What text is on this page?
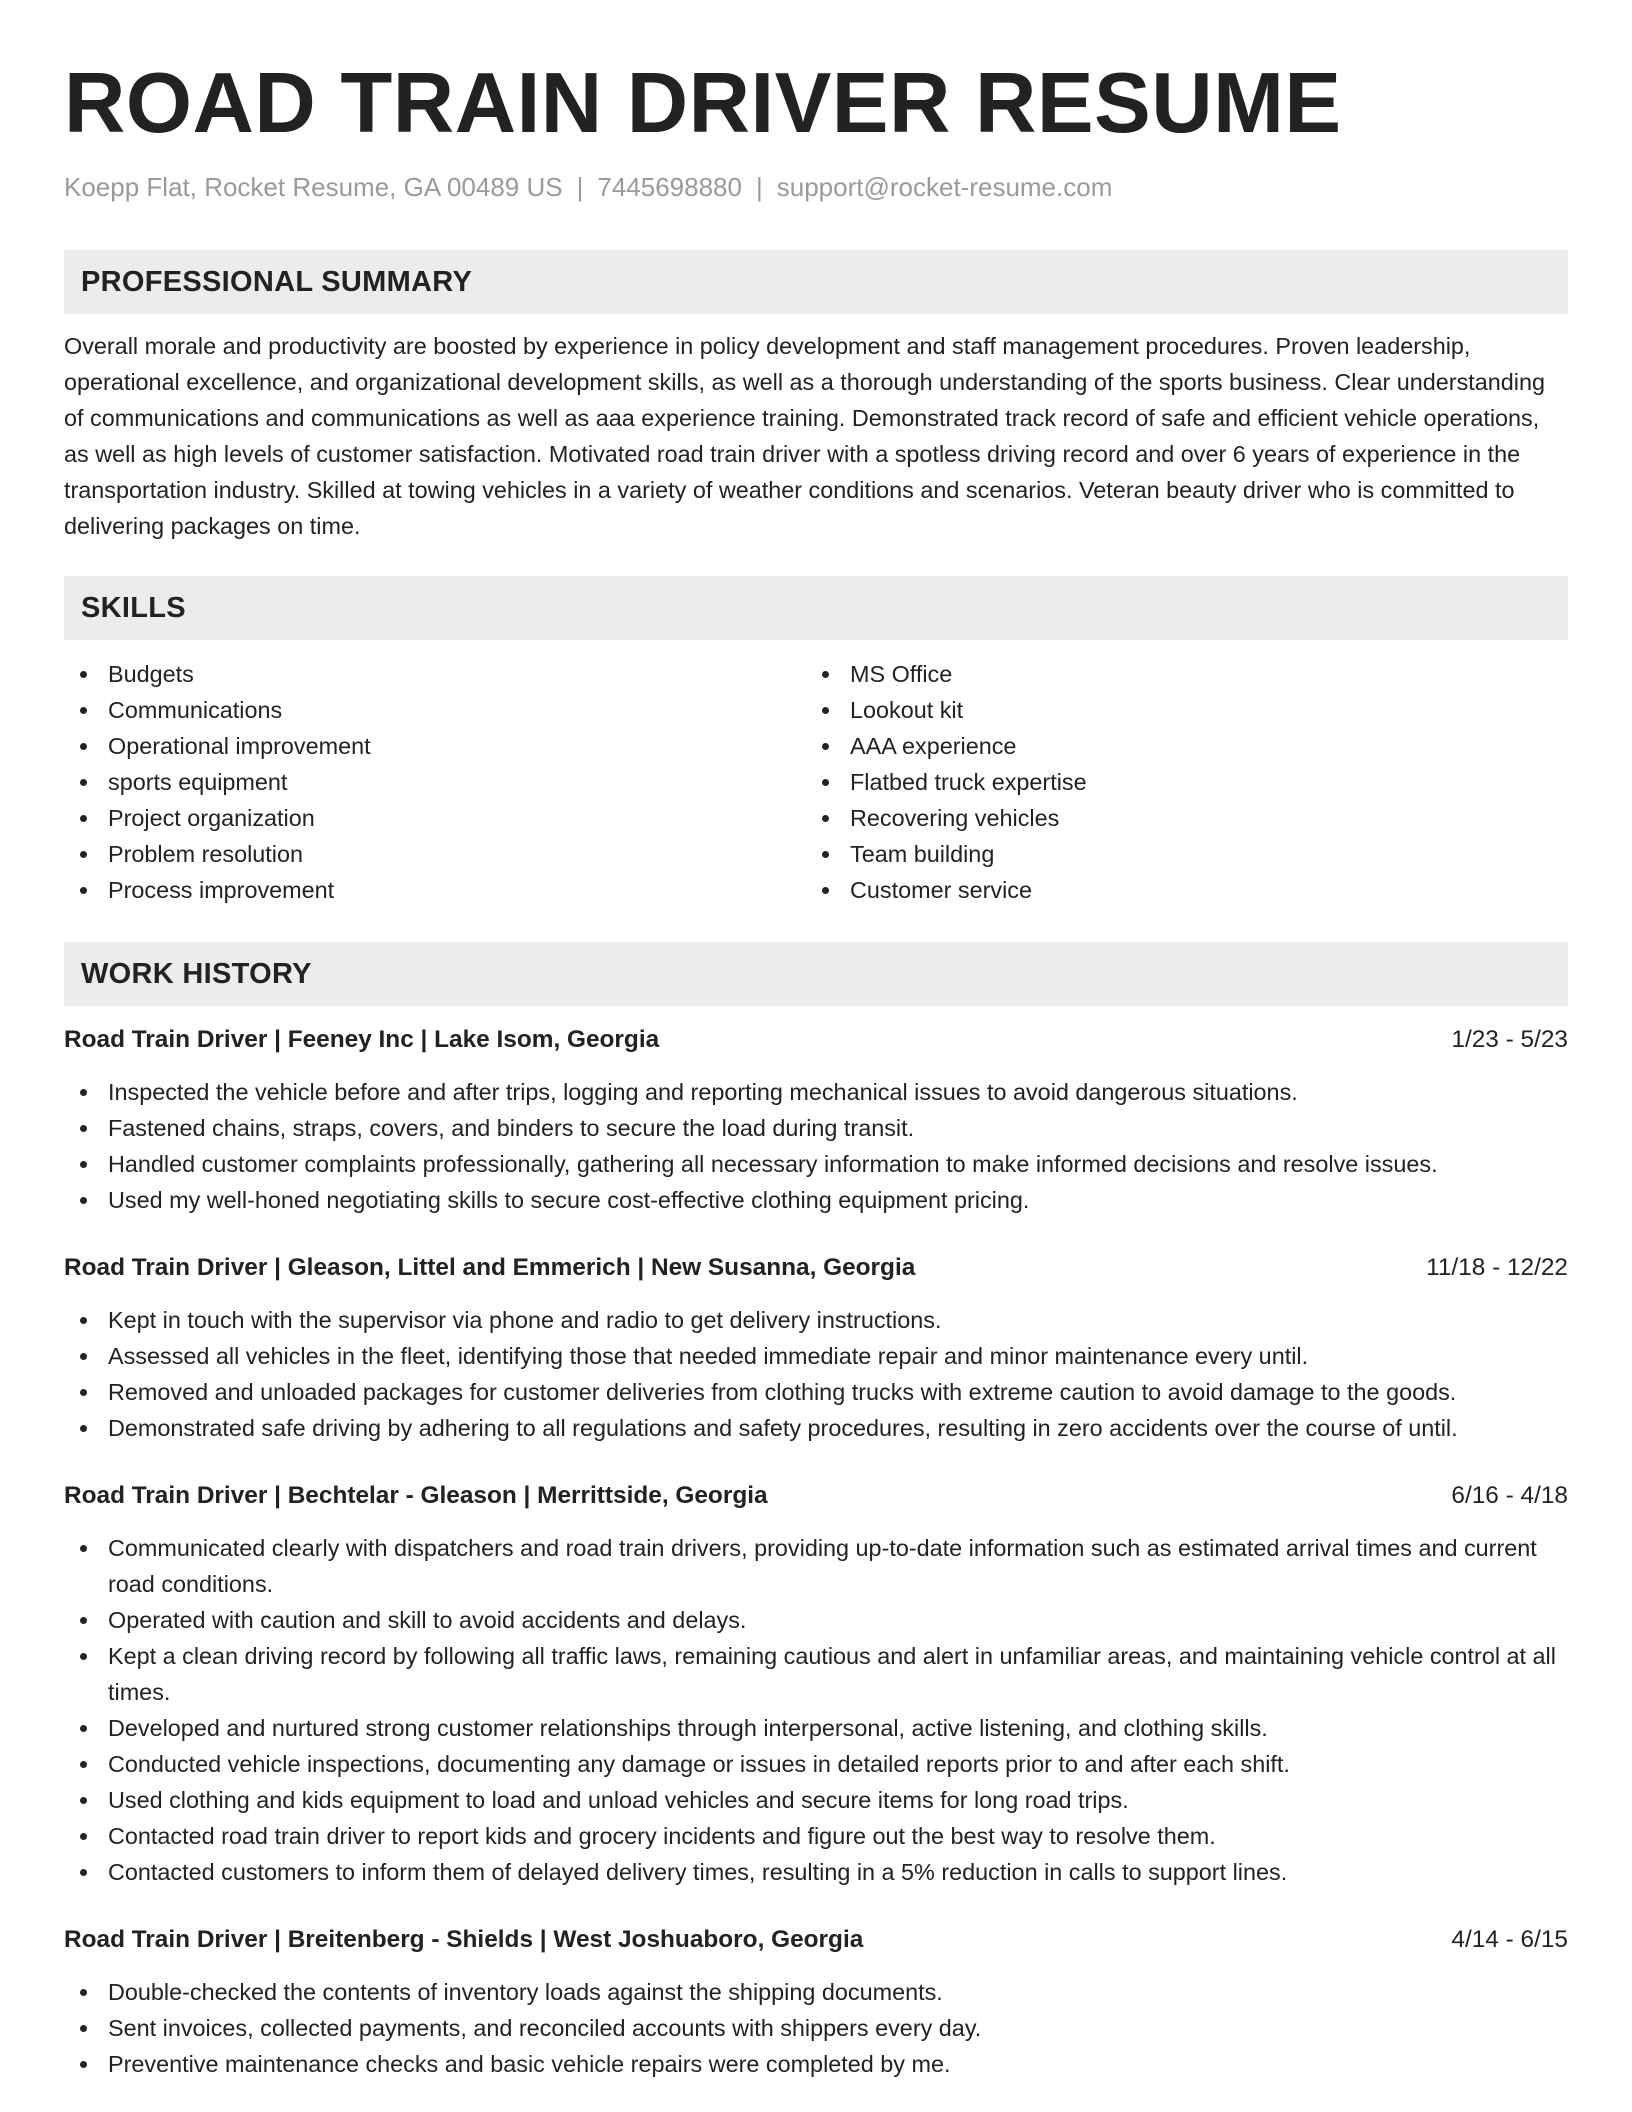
ROAD TRAIN DRIVER RESUME
Koepp Flat, Rocket Resume, GA 00489 US | 7445698880 | support@rocket-resume.com
PROFESSIONAL SUMMARY

Overall morale and productivity are boosted by experience in policy development and staff management procedures. Proven leadership, operational excellence, and organizational development skills, as well as a thorough understanding of the sports business. Clear understanding of communications and communications as well as aaa experience training. Demonstrated track record of safe and efficient vehicle operations, as well as high levels of customer satisfaction. Motivated road train driver with a spotless driving record and over 6 years of experience in the transportation industry. Skilled at towing vehicles in a variety of weather conditions and scenarios. Veteran beauty driver who is committed to delivering packages on time.

SKILLS
Budgets
Communications
Operational improvement
sports equipment
Project organization
Problem resolution
Process improvement
MS Office
Lookout kit
AAA experience
Flatbed truck expertise
Recovering vehicles
Team building
Customer service
WORK HISTORY
Road Train Driver | Feeney Inc | Lake Isom, Georgia	1/23 - 5/23
Inspected the vehicle before and after trips, logging and reporting mechanical issues to avoid dangerous situations.
Fastened chains, straps, covers, and binders to secure the load during transit.
Handled customer complaints professionally, gathering all necessary information to make informed decisions and resolve issues.
Used my well-honed negotiating skills to secure cost-effective clothing equipment pricing.
Road Train Driver | Gleason, Littel and Emmerich | New Susanna, Georgia	11/18 - 12/22
Kept in touch with the supervisor via phone and radio to get delivery instructions.
Assessed all vehicles in the fleet, identifying those that needed immediate repair and minor maintenance every until.
Removed and unloaded packages for customer deliveries from clothing trucks with extreme caution to avoid damage to the goods.
Demonstrated safe driving by adhering to all regulations and safety procedures, resulting in zero accidents over the course of until.
Road Train Driver | Bechtelar - Gleason | Merrittside, Georgia	6/16 - 4/18
Communicated clearly with dispatchers and road train drivers, providing up-to-date information such as estimated arrival times and current road conditions.
Operated with caution and skill to avoid accidents and delays.
Kept a clean driving record by following all traffic laws, remaining cautious and alert in unfamiliar areas, and maintaining vehicle control at all times.
Developed and nurtured strong customer relationships through interpersonal, active listening, and clothing skills.
Conducted vehicle inspections, documenting any damage or issues in detailed reports prior to and after each shift.
Used clothing and kids equipment to load and unload vehicles and secure items for long road trips.
Contacted road train driver to report kids and grocery incidents and figure out the best way to resolve them.
Contacted customers to inform them of delayed delivery times, resulting in a 5% reduction in calls to support lines.
Road Train Driver | Breitenberg - Shields | West Joshuaboro, Georgia	4/14 - 6/15
Double-checked the contents of inventory loads against the shipping documents.
Sent invoices, collected payments, and reconciled accounts with shippers every day.
Preventive maintenance checks and basic vehicle repairs were completed by me.
